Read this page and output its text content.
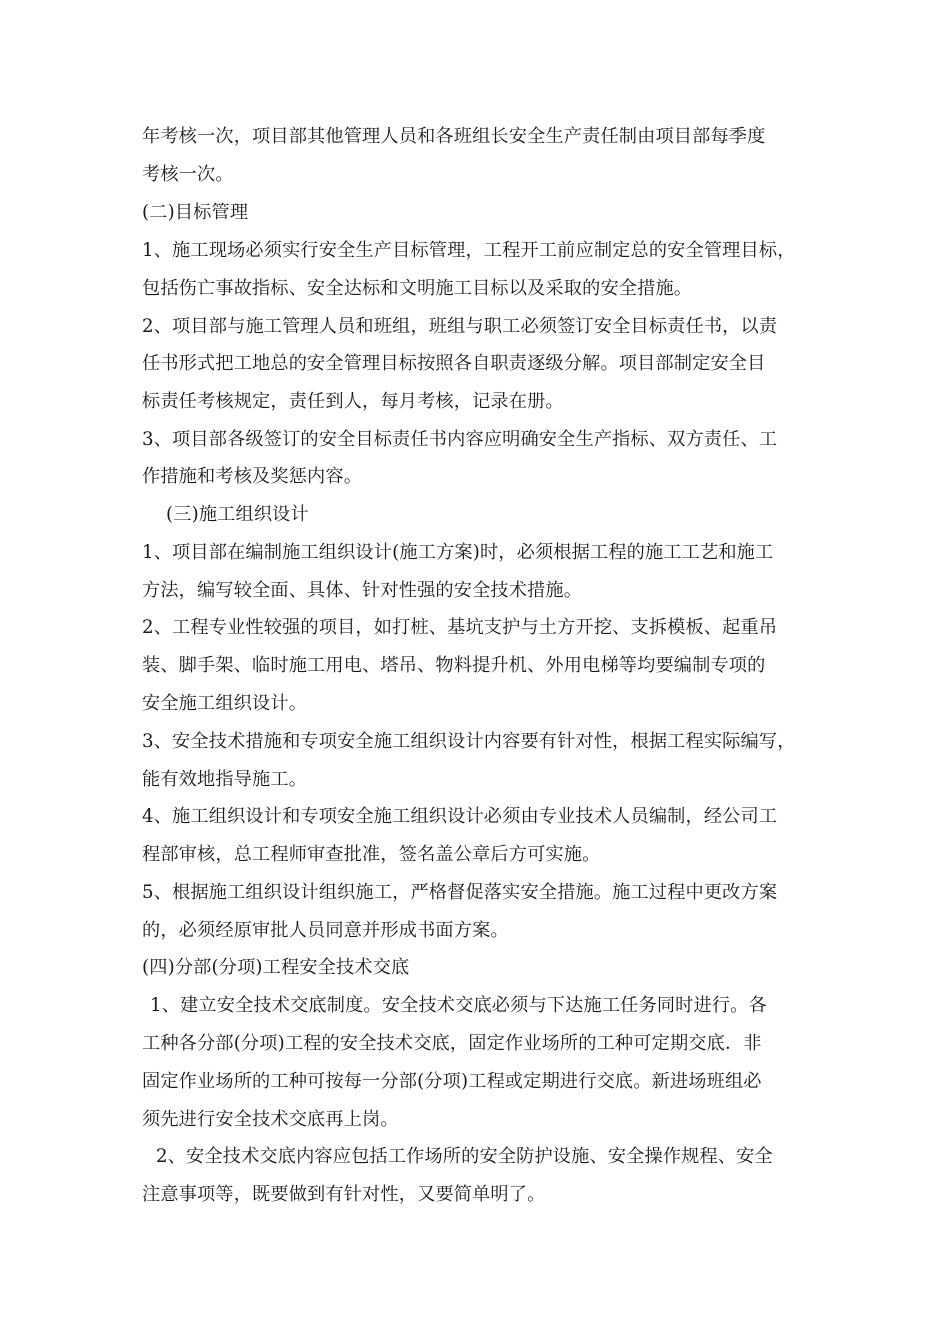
年考核一次，项目部其他管理人员和各班组长安全生产责任制由项目部每季度
考核一次。
(二)目标管理
1、施工现场必须实行安全生产目标管理，工程开工前应制定总的安全管理目标，
包括伤亡事故指标、安全达标和文明施工目标以及采取的安全措施。
2、项目部与施工管理人员和班组，班组与职工必须签订安全目标责任书，以责
任书形式把工地总的安全管理目标按照各自职责逐级分解。项目部制定安全目
标责任考核规定，责任到人，每月考核，记录在册。
3、项目部各级签订的安全目标责任书内容应明确安全生产指标、双方责任、工
作措施和考核及奖惩内容。
(三)施工组织设计
1、项目部在编制施工组织设计(施工方案)时，必须根据工程的施工工艺和施工
方法，编写较全面、具体、针对性强的安全技术措施。
2、工程专业性较强的项目，如打桩、基坑支护与土方开挖、支拆模板、起重吊
装、脚手架、临时施工用电、塔吊、物料提升机、外用电梯等均要编制专项的
安全施工组织设计。
3、安全技术措施和专项安全施工组织设计内容要有针对性，根据工程实际编写，
能有效地指导施工。
4、施工组织设计和专项安全施工组织设计必须由专业技术人员编制，经公司工
程部审核，总工程师审查批准，签名盖公章后方可实施。
5、根据施工组织设计组织施工，严格督促落实安全措施。施工过程中更改方案
的，必须经原审批人员同意并形成书面方案。
(四)分部(分项)工程安全技术交底
1、建立安全技术交底制度。安全技术交底必须与下达施工任务同时进行。各
工种各分部(分项)工程的安全技术交底，固定作业场所的工种可定期交底．非
固定作业场所的工种可按每一分部(分项)工程或定期进行交底。新进场班组必
须先进行安全技术交底再上岗。
2、安全技术交底内容应包括工作场所的安全防护设施、安全操作规程、安全
注意事项等，既要做到有针对性，又要简单明了。
